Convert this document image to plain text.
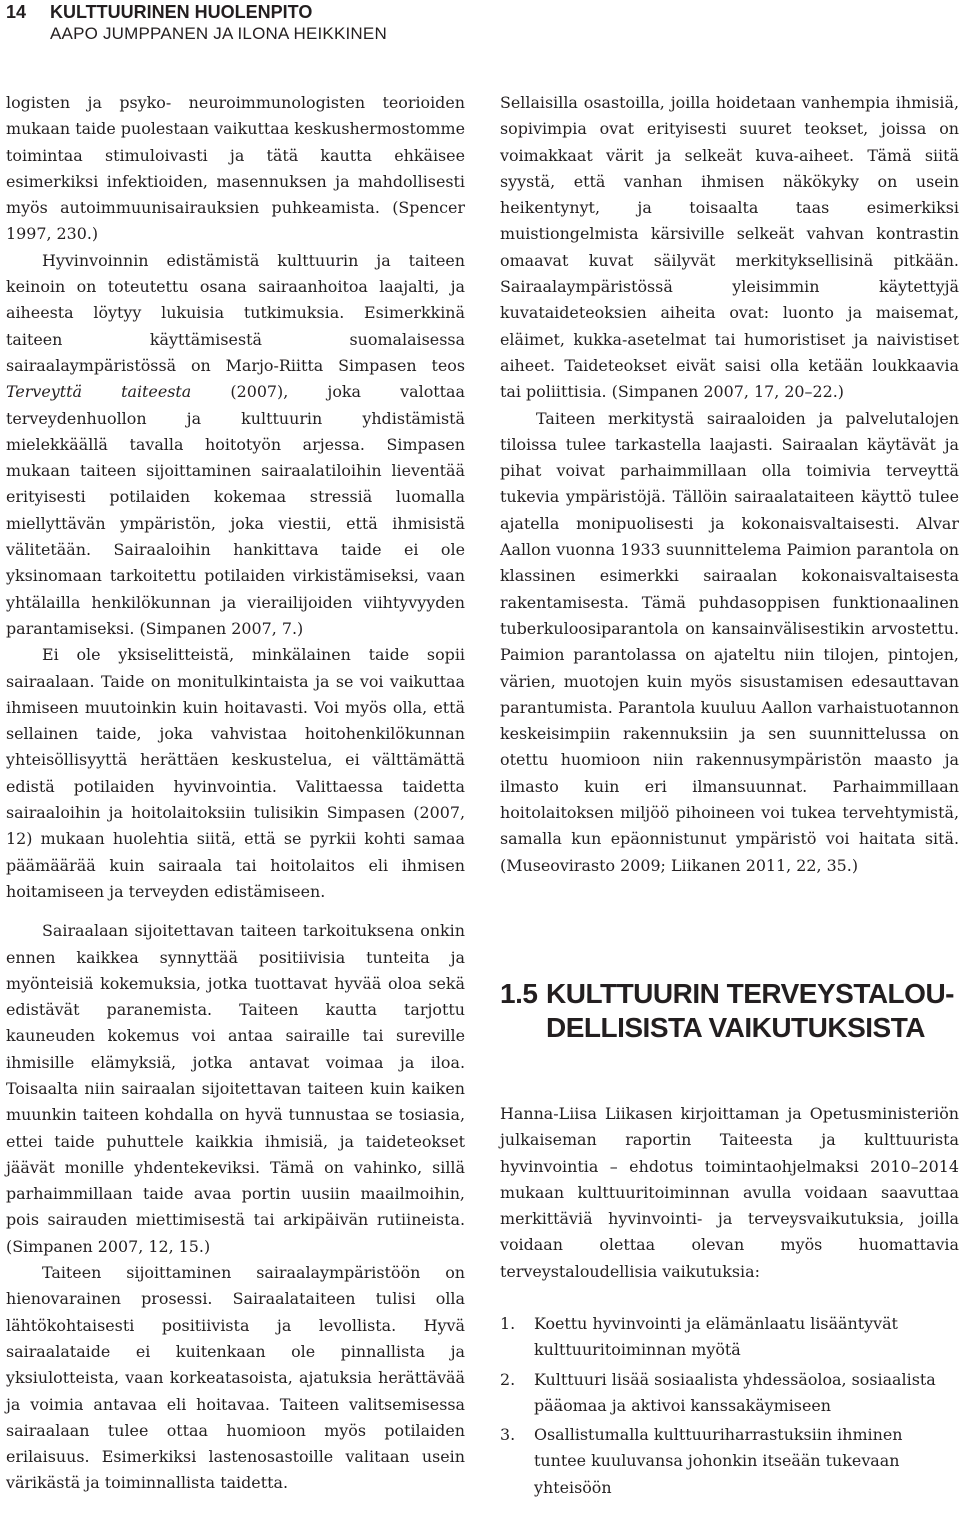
14 KULTTUURINEN HUOLENPITO
AAPO JUMPPANEN JA ILONA HEIKKINEN

logisten ja psyko- neuroimmunologisten teorioiden mukaan taide puolestaan vaikuttaa keskushermostomme toimintaa stimuloivasti ja tätä kautta ehkäisee esimerkiksi infektioiden, masennuksen ja mahdollisesti myös autoimmuunisairauksien puhkeamista. (Spencer 1997, 230.)

Hyvinvoinnin edistämistä kulttuurin ja taiteen keinoin on toteutettu osana sairaanhoitoa laajalti, ja aiheesta löytyy lukuisia tutkimuksia. Esimerkkinä taiteen käyttämisestä suomalaisessa sairaalaympäristössä on Marjo-Riitta Simpasen teos Terveyttä taiteesta (2007), joka valottaa terveydenhuollon ja kulttuurin yhdistämistä mielekkäällä tavalla hoitotyön arjessa. Simpasen mukaan taiteen sijoittaminen sairaalatiloihin lieventää erityisesti potilaiden kokemaa stressiä luomalla miellyttävän ympäristön, joka viestii, että ihmisistä välitetään. Sairaaloihin hankittava taide ei ole yksinomaan tarkoitettu potilaiden virkistämiseksi, vaan yhtälailla henkilökunnan ja vierailijoiden viihtyvyyden parantamiseksi. (Simpanen 2007, 7.)

Ei ole yksiselitteistä, minkälainen taide sopii sairaalaan. Taide on monitulkintaista ja se voi vaikuttaa ihmiseen muutoinkin kuin hoitavasti. Voi myös olla, että sellainen taide, joka vahvistaa hoitohenkilökunnan yhteisöllisyyttä herättäen keskustelua, ei välttämättä edistä potilaiden hyvinvointia. Valittaessa taidetta sairaaloihin ja hoitolaitoksiin tulisikin Simpasen (2007, 12) mukaan huolehtia siitä, että se pyrkii kohti samaa päämäärää kuin sairaala tai hoitolaitos eli ihmisen hoitamiseen ja terveyden edistämiseen.

Sairaalaan sijoitettavan taiteen tarkoituksena onkin ennen kaikkea synnyttää positiivisia tunteita ja myönteisiä kokemuksia, jotka tuottavat hyvää oloa sekä edistävät paranemista. Taiteen kautta tarjottu kauneuden kokemus voi antaa sairaille tai sureville ihmisille elämyksiä, jotka antavat voimaa ja iloa. Toisaalta niin sairaalan sijoitettavan taiteen kuin kaiken muunkin taiteen kohdalla on hyvä tunnustaa se tosiasia, ettei taide puhuttele kaikkia ihmisiä, ja taideteokset jäävät monille yhdentekeviksi. Tämä on vahinko, sillä parhaimmillaan taide avaa portin uusiin maailmoihin, pois sairauden miettimisestä tai arkipäivän rutiineista. (Simpanen 2007, 12, 15.)

Taiteen sijoittaminen sairaalaympäristöön on hienovarainen prosessi. Sairaalataiteen tulisi olla lähtökohtaisesti positiivista ja levollista. Hyvä sairaalataide ei kuitenkaan ole pinnallista ja yksiulotteista, vaan korkeatasoista, ajatuksia herättävää ja voimia antavaa eli hoitavaa. Taiteen valitsemisessa sairaalaan tulee ottaa huomioon myös potilaiden erilaisuus. Esimerkiksi lastenosastoille valitaan usein värikästä ja toiminnallista taidetta.

Sellaisilla osastoilla, joilla hoidetaan vanhempia ihmisiä, sopivimpia ovat erityisesti suuret teokset, joissa on voimakkaat värit ja selkeät kuva-aiheet. Tämä siitä syystä, että vanhan ihmisen näkökyky on usein heikentynyt, ja toisaalta taas esimerkiksi muistiongelmista kärsiville selkeät vahvan kontrastin omaavat kuvat säilyvät merkityksellisinä pitkään. Sairaalaympäristössä yleisimmin käytettyjä kuvataideteoksien aiheita ovat: luonto ja maisemat, eläimet, kukka-asetelmat tai humoristiset ja naivistiset aiheet. Taideteokset eivät saisi olla ketään loukkaavia tai poliittisia. (Simpanen 2007, 17, 20–22.)

Taiteen merkitystä sairaaloiden ja palvelutalojen tiloissa tulee tarkastella laajasti. Sairaalan käytävät ja pihat voivat parhaimmillaan olla toimivia terveyttä tukevia ympäristöjä. Tällöin sairaalataiteen käyttö tulee ajatella monipuolisesti ja kokonaisvaltaisesti. Alvar Aallon vuonna 1933 suunnittelema Paimion parantola on klassinen esimerkki sairaalan kokonaisvaltaisesta rakentamisesta. Tämä puhdasoppisen funktionaalinen tuberkuloosiparantola on kansainvälisestikin arvostettu. Paimion parantolassa on ajateltu niin tilojen, pintojen, värien, muotojen kuin myös sisustamisen edesauttavan parantumista. Parantola kuuluu Aallon varhaistuotannon keskeisimpiin rakennuksiin ja sen suunnittelussa on otettu huomioon niin rakennusympäristön maasto ja ilmasto kuin eri ilmansuunnat. Parhaimmillaan hoitolaitoksen miljöö pihoineen voi tukea tervehtymistä, samalla kun epäonnistunut ympäristö voi haitata sitä. (Museovirasto 2009; Liikanen 2011, 22, 35.)

1.5 KULTTUURIN TERVEYSTALOU-DELLISISTA VAIKUTUKSISTA

Hanna-Liisa Liikasen kirjoittaman ja Opetusministeriön julkaiseman raportin Taiteesta ja kulttuurista hyvinvointia – ehdotus toimintaohjelmaksi 2010–2014 mukaan kulttuuritoiminnan avulla voidaan saavuttaa merkittäviä hyvinvointi- ja terveysvaikutuksia, joilla voidaan olettaa olevan myös huomattavia terveystaloudellisia vaikutuksia:

1.	Koettu hyvinvointi ja elämänlaatu lisääntyvät kulttuuritoiminnan myötä
2.	Kulttuuri lisää sosiaalista yhdessäoloa, sosiaalista pääomaa ja aktivoi kanssakäymiseen
3.	Osallistumalla kulttuuriharrastuksiin ihminen tuntee kuuluvansa johonkin itseään tukevaan yhteisöön
